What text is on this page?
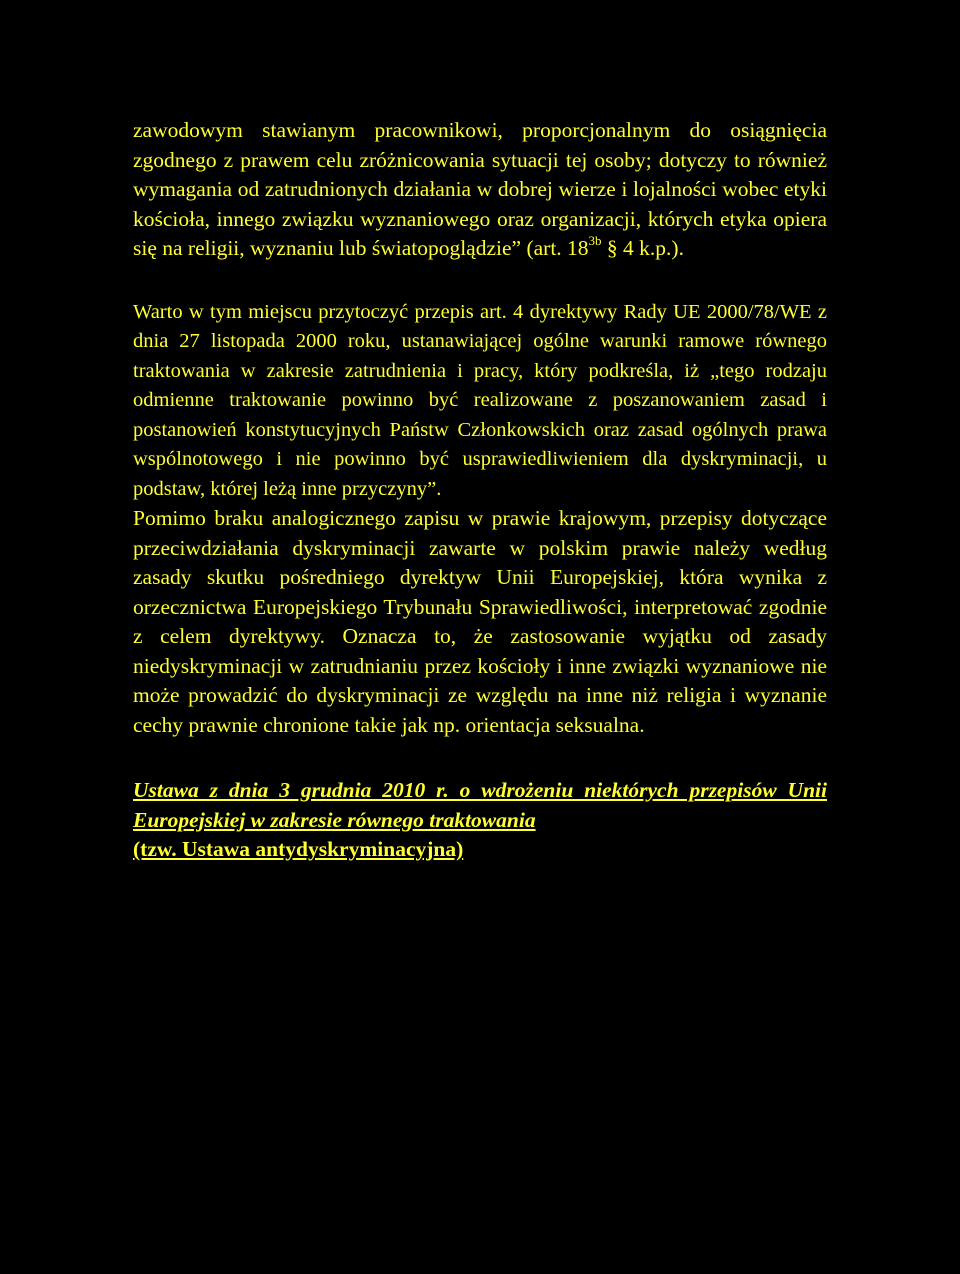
zawodowym stawianym pracownikowi, proporcjonalnym do osiągnięcia zgodnego z prawem celu zróżnicowania sytuacji tej osoby; dotyczy to również wymagania od zatrudnionych działania w dobrej wierze i lojalności wobec etyki kościoła, innego związku wyznaniowego oraz organizacji, których etyka opiera się na religii, wyznaniu lub światopoglądzie” (art. $18^{3b}$ § 4 k.p.).

Warto w tym miejscu przytoczyć przepis art. 4 dyrektywy Rady UE 2000/78/WE z dnia 27 listopada 2000 roku, ustanawiającej ogólne warunki ramowe równego traktowania w zakresie zatrudnienia i pracy, który podkreśla, iż „tego rodzaju odmienne traktowanie powinno być realizowane z poszanowaniem zasad i postanowień konstytucyjnych Państw Członkowskich oraz zasad ogólnych prawa wspólnotowego i nie powinno być usprawiedliwieniem dla dyskryminacji, u podstaw, której leżą inne przyczyny”.

Pomimo braku analogicznego zapisu w prawie krajowym, przepisy dotyczące przeciwdziałania dyskryminacji zawarte w polskim prawie należy według zasady skutku pośredniego dyrektyw Unii Europejskiej, która wynika z orzecznictwa Europejskiego Trybunału Sprawiedliwości, interpretować zgodnie z celem dyrektywy. Oznacza to, że zastosowanie wyjątku od zasady niedyskryminacji w zatrudnianiu przez kościoły i inne związki wyznaniowe nie może prowadzić do dyskryminacji ze względu na inne niż religia i wyznanie cechy prawnie chronione takie jak np. orientacja seksualna.

Ustawa z dnia 3 grudnia 2010 r. o wdrożeniu niektórych przepisów Unii Europejskiej w zakresie równego traktowania

(tzw. Ustawa antydyskryminacyjna)
